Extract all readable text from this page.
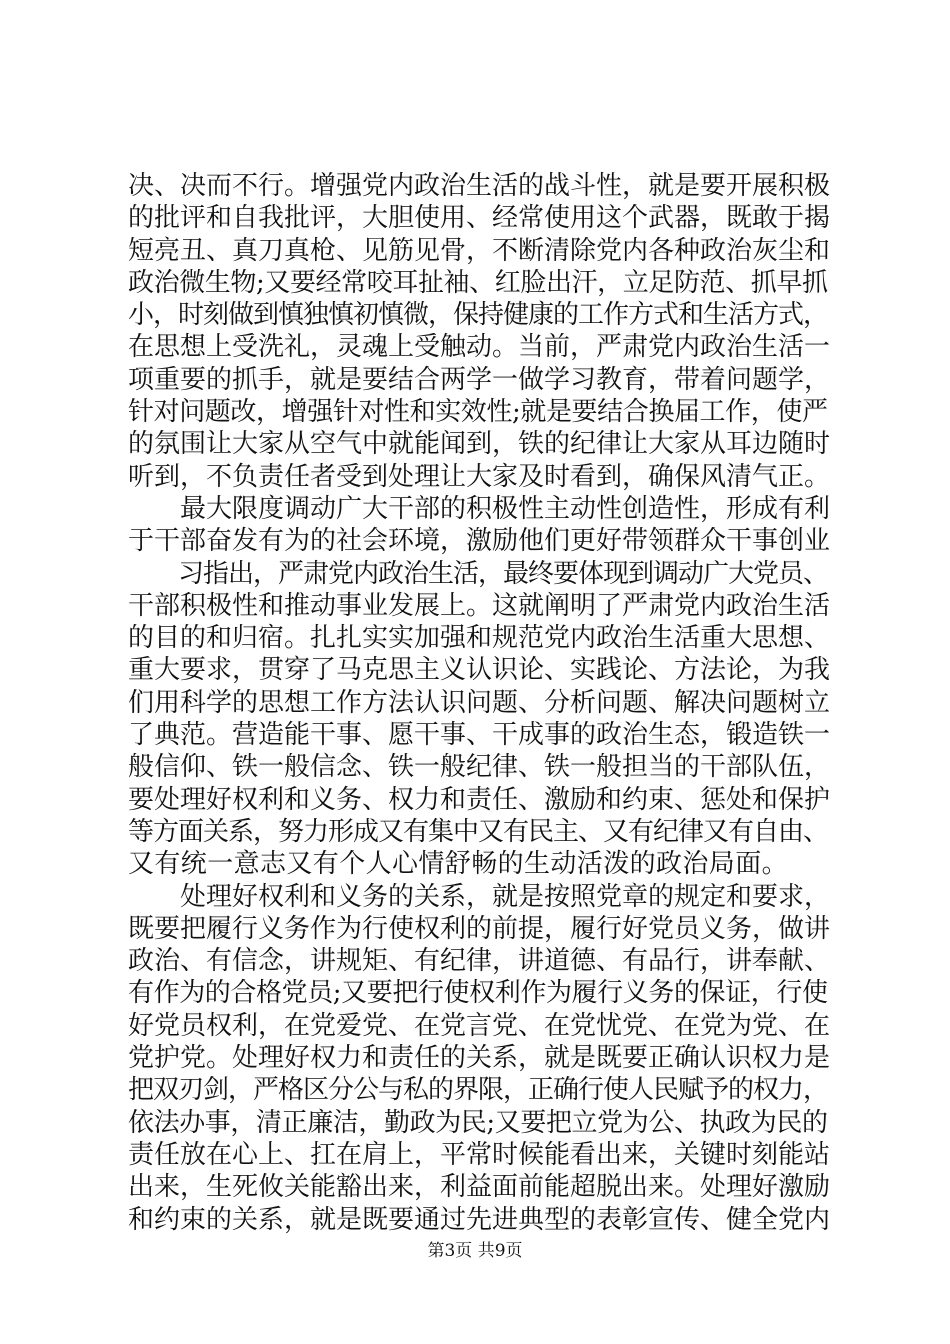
决、决而不行。增强党内政治生活的战斗性，就是要开展积极
的批评和自我批评，大胆使用、经常使用这个武器，既敢于揭
短亮丑、真刀真枪、见筋见骨，不断清除党内各种政治灰尘和
政治微生物;又要经常咬耳扯袖、红脸出汗，立足防范、抓早抓
小，时刻做到慎独慎初慎微，保持健康的工作方式和生活方式，
在思想上受洗礼，灵魂上受触动。当前，严肃党内政治生活一
项重要的抓手，就是要结合两学一做学习教育，带着问题学，
针对问题改，增强针对性和实效性;就是要结合换届工作，使严
的氛围让大家从空气中就能闻到，铁的纪律让大家从耳边随时
听到，不负责任者受到处理让大家及时看到，确保风清气正。
　　最大限度调动广大干部的积极性主动性创造性，形成有利
于干部奋发有为的社会环境，激励他们更好带领群众干事创业
　　习指出，严肃党内政治生活，最终要体现到调动广大党员、
干部积极性和推动事业发展上。这就阐明了严肃党内政治生活
的目的和归宿。扎扎实实加强和规范党内政治生活重大思想、
重大要求，贯穿了马克思主义认识论、实践论、方法论，为我
们用科学的思想工作方法认识问题、分析问题、解决问题树立
了典范。营造能干事、愿干事、干成事的政治生态，锻造铁一
般信仰、铁一般信念、铁一般纪律、铁一般担当的干部队伍，
要处理好权利和义务、权力和责任、激励和约束、惩处和保护
等方面关系，努力形成又有集中又有民主、又有纪律又有自由、
又有统一意志又有个人心情舒畅的生动活泼的政治局面。
　　处理好权利和义务的关系，就是按照党章的规定和要求，
既要把履行义务作为行使权利的前提，履行好党员义务，做讲
政治、有信念，讲规矩、有纪律，讲道德、有品行，讲奉献、
有作为的合格党员;又要把行使权利作为履行义务的保证，行使
好党员权利，在党爱党、在党言党、在党忧党、在党为党、在
党护党。处理好权力和责任的关系，就是既要正确认识权力是
把双刃剑，严格区分公与私的界限，正确行使人民赋予的权力，
依法办事，清正廉洁，勤政为民;又要把立党为公、执政为民的
责任放在心上、扛在肩上，平常时候能看出来，关键时刻能站
出来，生死攸关能豁出来，利益面前能超脱出来。处理好激励
和约束的关系，就是既要通过先进典型的表彰宣传、健全党内
第3页 共9页
